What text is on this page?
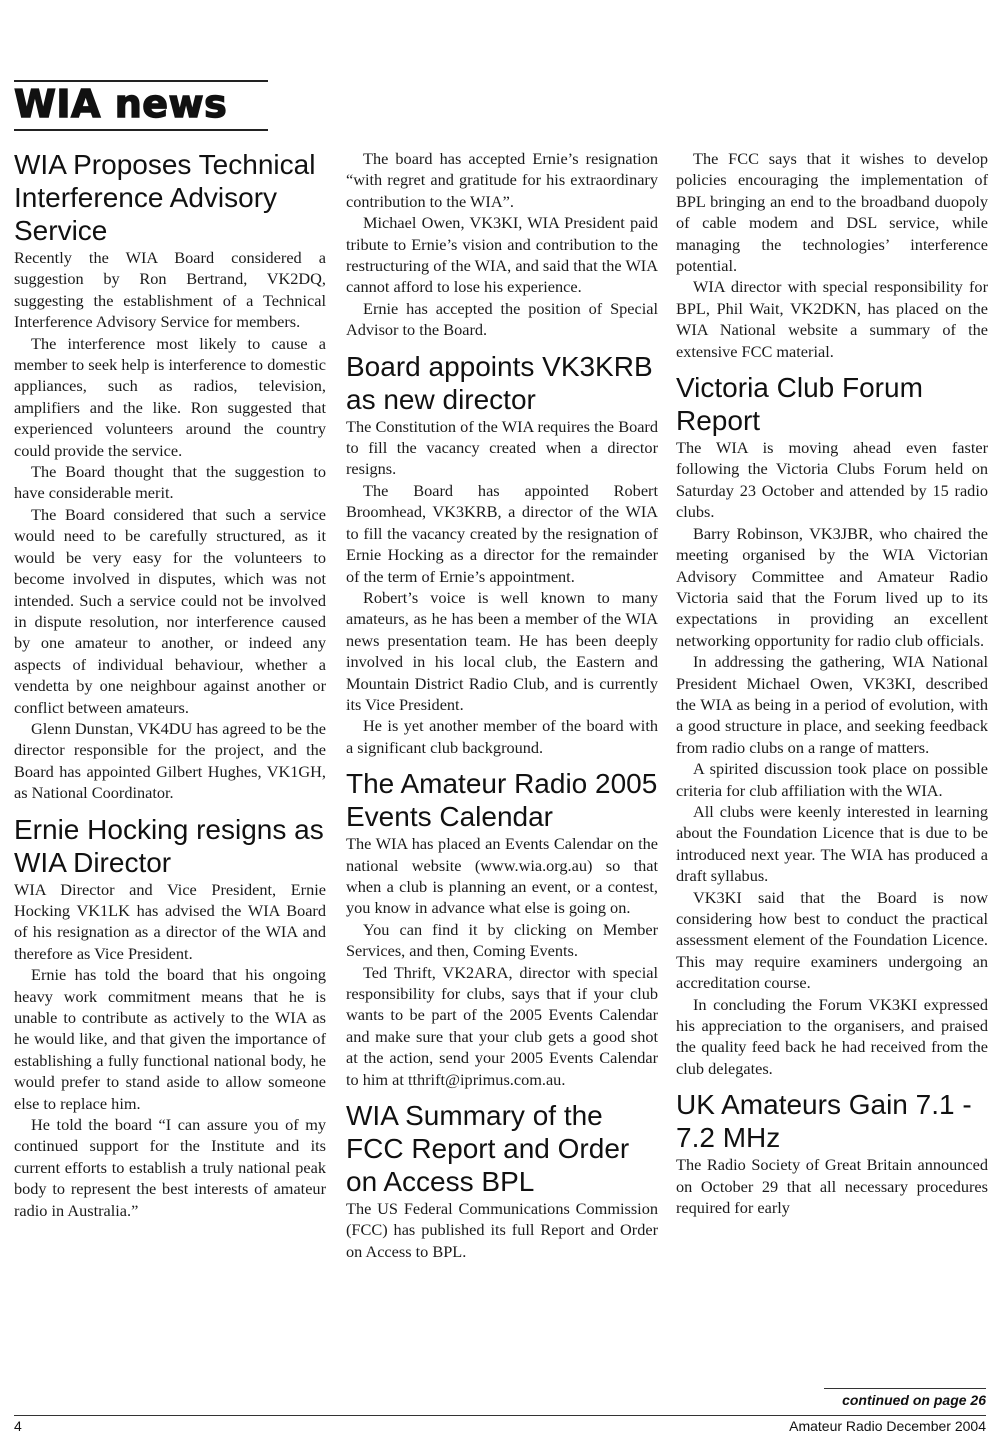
WIA news
WIA Proposes Technical Interference Advisory Service

Recently the WIA Board considered a suggestion by Ron Bertrand, VK2DQ, suggesting the establishment of a Technical Interference Advisory Service for members.

The interference most likely to cause a member to seek help is interference to domestic appliances, such as radios, television, amplifiers and the like. Ron suggested that experienced volunteers around the country could provide the service.

The Board thought that the suggestion to have considerable merit.

The Board considered that such a service would need to be carefully structured, as it would be very easy for the volunteers to become involved in disputes, which was not intended. Such a service could not be involved in dispute resolution, nor interference caused by one amateur to another, or indeed any aspects of individual behaviour, whether a vendetta by one neighbour against another or conflict between amateurs.

Glenn Dunstan, VK4DU has agreed to be the director responsible for the project, and the Board has appointed Gilbert Hughes, VK1GH, as National Coordinator.

Ernie Hocking resigns as WIA Director

WIA Director and Vice President, Ernie Hocking VK1LK has advised the WIA Board of his resignation as a director of the WIA and therefore as Vice President.

Ernie has told the board that his ongoing heavy work commitment means that he is unable to contribute as actively to the WIA as he would like, and that given the importance of establishing a fully functional national body, he would prefer to stand aside to allow someone else to replace him.

He told the board “I can assure you of my continued support for the Institute and its current efforts to establish a truly national peak body to represent the best interests of amateur radio in Australia.”

The board has accepted Ernie’s resignation “with regret and gratitude for his extraordinary contribution to the WIA”.

Michael Owen, VK3KI, WIA President paid tribute to Ernie’s vision and contribution to the restructuring of the WIA, and said that the WIA cannot afford to lose his experience.

Ernie has accepted the position of Special Advisor to the Board.

Board appoints VK3KRB as new director

The Constitution of the WIA requires the Board to fill the vacancy created when a director resigns.

The Board has appointed Robert Broomhead, VK3KRB, a director of the WIA to fill the vacancy created by the resignation of Ernie Hocking as a director for the remainder of the term of Ernie’s appointment.

Robert’s voice is well known to many amateurs, as he has been a member of the WIA news presentation team. He has been deeply involved in his local club, the Eastern and Mountain District Radio Club, and is currently its Vice President.

He is yet another member of the board with a significant club background.

The Amateur Radio 2005 Events Calendar

The WIA has placed an Events Calendar on the national website (www.wia.org.au) so that when a club is planning an event, or a contest, you know in advance what else is going on.

You can find it by clicking on Member Services, and then, Coming Events.

Ted Thrift, VK2ARA, director with special responsibility for clubs, says that if your club wants to be part of the 2005 Events Calendar and make sure that your club gets a good shot at the action, send your 2005 Events Calendar to him at tthrift@iprimus.com.au.

WIA Summary of the FCC Report and Order on Access BPL

The US Federal Communications Commission (FCC) has published its full Report and Order on Access to BPL.

The FCC says that it wishes to develop policies encouraging the implementation of BPL bringing an end to the broadband duopoly of cable modem and DSL service, while managing the technologies’ interference potential.

WIA director with special responsibility for BPL, Phil Wait, VK2DKN, has placed on the WIA National website a summary of the extensive FCC material.

Victoria Club Forum Report

The WIA is moving ahead even faster following the Victoria Clubs Forum held on Saturday 23 October and attended by 15 radio clubs.

Barry Robinson, VK3JBR, who chaired the meeting organised by the WIA Victorian Advisory Committee and Amateur Radio Victoria said that the Forum lived up to its expectations in providing an excellent networking opportunity for radio club officials.

In addressing the gathering, WIA National President Michael Owen, VK3KI, described the WIA as being in a period of evolution, with a good structure in place, and seeking feedback from radio clubs on a range of matters.

A spirited discussion took place on possible criteria for club affiliation with the WIA.

All clubs were keenly interested in learning about the Foundation Licence that is due to be introduced next year. The WIA has produced a draft syllabus.

VK3KI said that the Board is now considering how best to conduct the practical assessment element of the Foundation Licence. This may require examiners undergoing an accreditation course.

In concluding the Forum VK3KI expressed his appreciation to the organisers, and praised the quality feed back he had received from the club delegates.

UK Amateurs Gain 7.1 - 7.2 MHz

The Radio Society of Great Britain announced on October 29 that all necessary procedures required for early

continued on page 26
4	Amateur Radio December 2004
